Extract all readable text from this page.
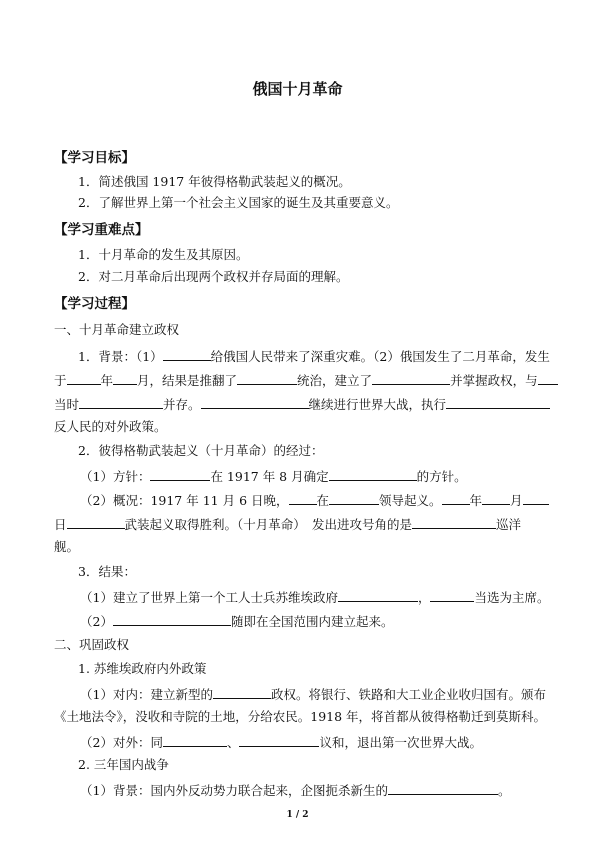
俄国十月革命
【学习目标】
1．简述俄国 1917 年彼得格勒武装起义的概况。
2．了解世界上第一个社会主义国家的诞生及其重要意义。
【学习重难点】
1．十月革命的发生及其原因。
2．对二月革命后出现两个政权并存局面的理解。
【学习过程】
一、十月革命建立政权
1．背景：（1）	给俄国人民带来了深重灾难。（2）俄国发生了二月革命，发生
于	年 月，结果是推翻了	统治，建立了	并掌握政权，与
当时	并存。	继续进行世界大战，执行
反人民的对外政策。
2．彼得格勒武装起义（十月革命）的经过：
（1）方针：	在 1917 年 8 月确定	的方针。
（2）概况：1917 年 11 月 6 日晚， 在	领导起义。 年 月
日	武装起义取得胜利。（十月革命）　发出进攻号角的是	巡洋
舰。
3．结果：
（1）建立了世界上第一个工人士兵苏维埃政府	，	当选为主席。
（2）	随即在全国范围内建立起来。
二、巩固政权
1. 苏维埃政府内外政策
（1）对内：建立新型的	政权。将银行、铁路和大工业企业收归国有。颁布
《土地法令》，没收和寺院的土地，分给农民。1918 年，将首都从彼得格勒迁到莫斯科。
（2）对外：同	、	议和，退出第一次世界大战。
2. 三年国内战争
（1）背景：国内外反动势力联合起来，企图扼杀新生的	。
1 / 2
